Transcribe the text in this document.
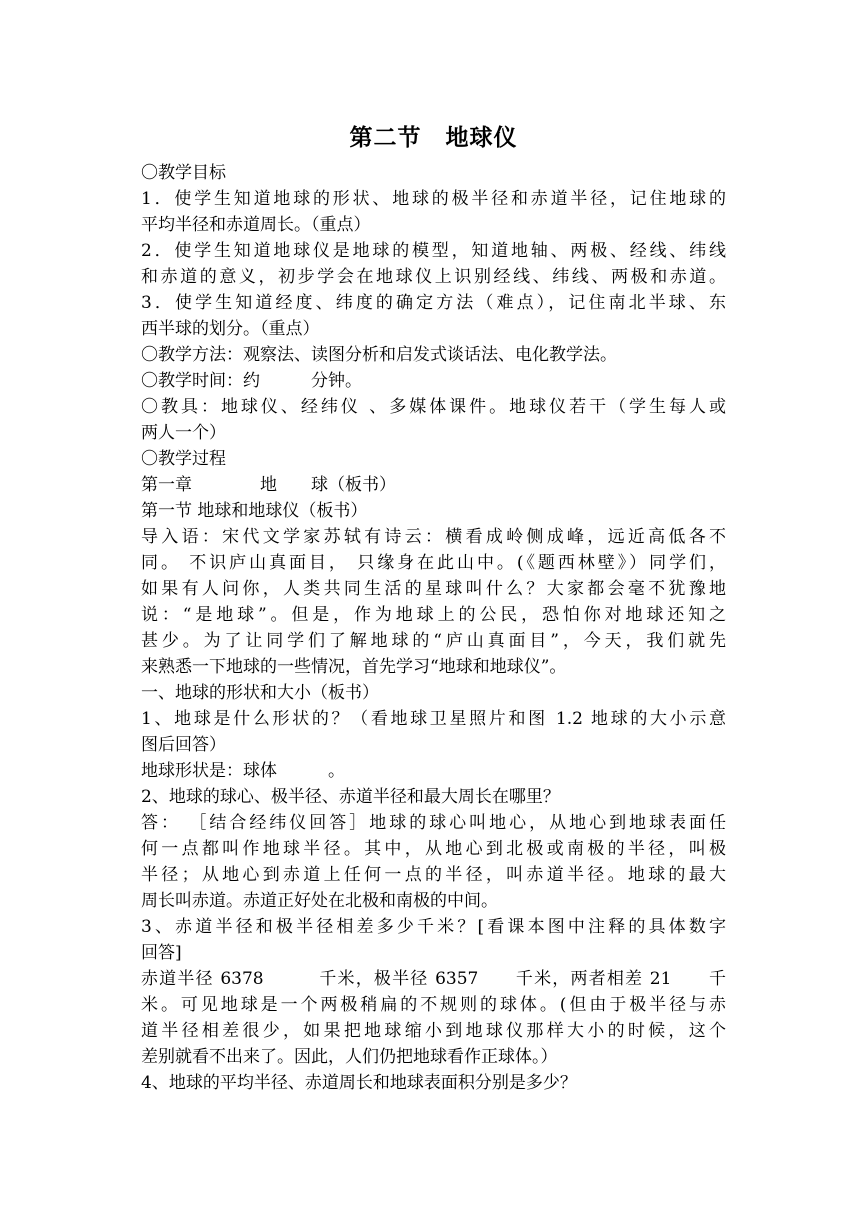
第二节　地球仪
〇教学目标
1．使学生知道地球的形状、地球的极半径和赤道半径，记住地球的
平均半径和赤道周长。（重点）
2．使学生知道地球仪是地球的模型，知道地轴、两极、经线、纬线
和赤道的意义，初步学会在地球仪上识别经线、纬线、两极和赤道。
3．使学生知道经度、纬度的确定方法（难点），记住南北半球、东
西半球的划分。（重点）
〇教学方法：观察法、读图分析和启发式谈话法、电化教学法。
〇教学时间：约　　　分钟。
〇教具：地球仪、经纬仪 、多媒体课件。地球仪若干（学生每人或
两人一个）
〇教学过程
第一章　　　　地　　球（板书）
第一节 地球和地球仪（板书）
导入语：宋代文学家苏轼有诗云：横看成岭侧成峰，远近高低各不
同。 不识庐山真面目， 只缘身在此山中。(《题西林壁》）同学们，
如果有人问你，人类共同生活的星球叫什么？大家都会毫不犹豫地
说：“是地球”。但是，作为地球上的公民，恐怕你对地球还知之
甚少。为了让同学们了解地球的“庐山真面目”，今天，我们就先
来熟悉一下地球的一些情况，首先学习“地球和地球仪”。
一、地球的形状和大小（板书）
1、地球是什么形状的？（看地球卫星照片和图 1.2 地球的大小示意
图后回答）
地球形状是：球体　　　。
2、地球的球心、极半径、赤道半径和最大周长在哪里？
答： ［结合经纬仪回答］地球的球心叫地心，从地心到地球表面任
何一点都叫作地球半径。其中，从地心到北极或南极的半径，叫极
半径；从地心到赤道上任何一点的半径，叫赤道半径。地球的最大
周长叫赤道。赤道正好处在北极和南极的中间。
3、赤道半径和极半径相差多少千米？[看课本图中注释的具体数字
回答]
赤道半径 6378　　　千米，极半径 6357　　千米，两者相差 21　　千
米。可见地球是一个两极稍扁的不规则的球体。(但由于极半径与赤
道半径相差很少，如果把地球缩小到地球仪那样大小的时候，这个
差别就看不出来了。因此，人们仍把地球看作正球体。）
4、地球的平均半径、赤道周长和地球表面积分别是多少？
